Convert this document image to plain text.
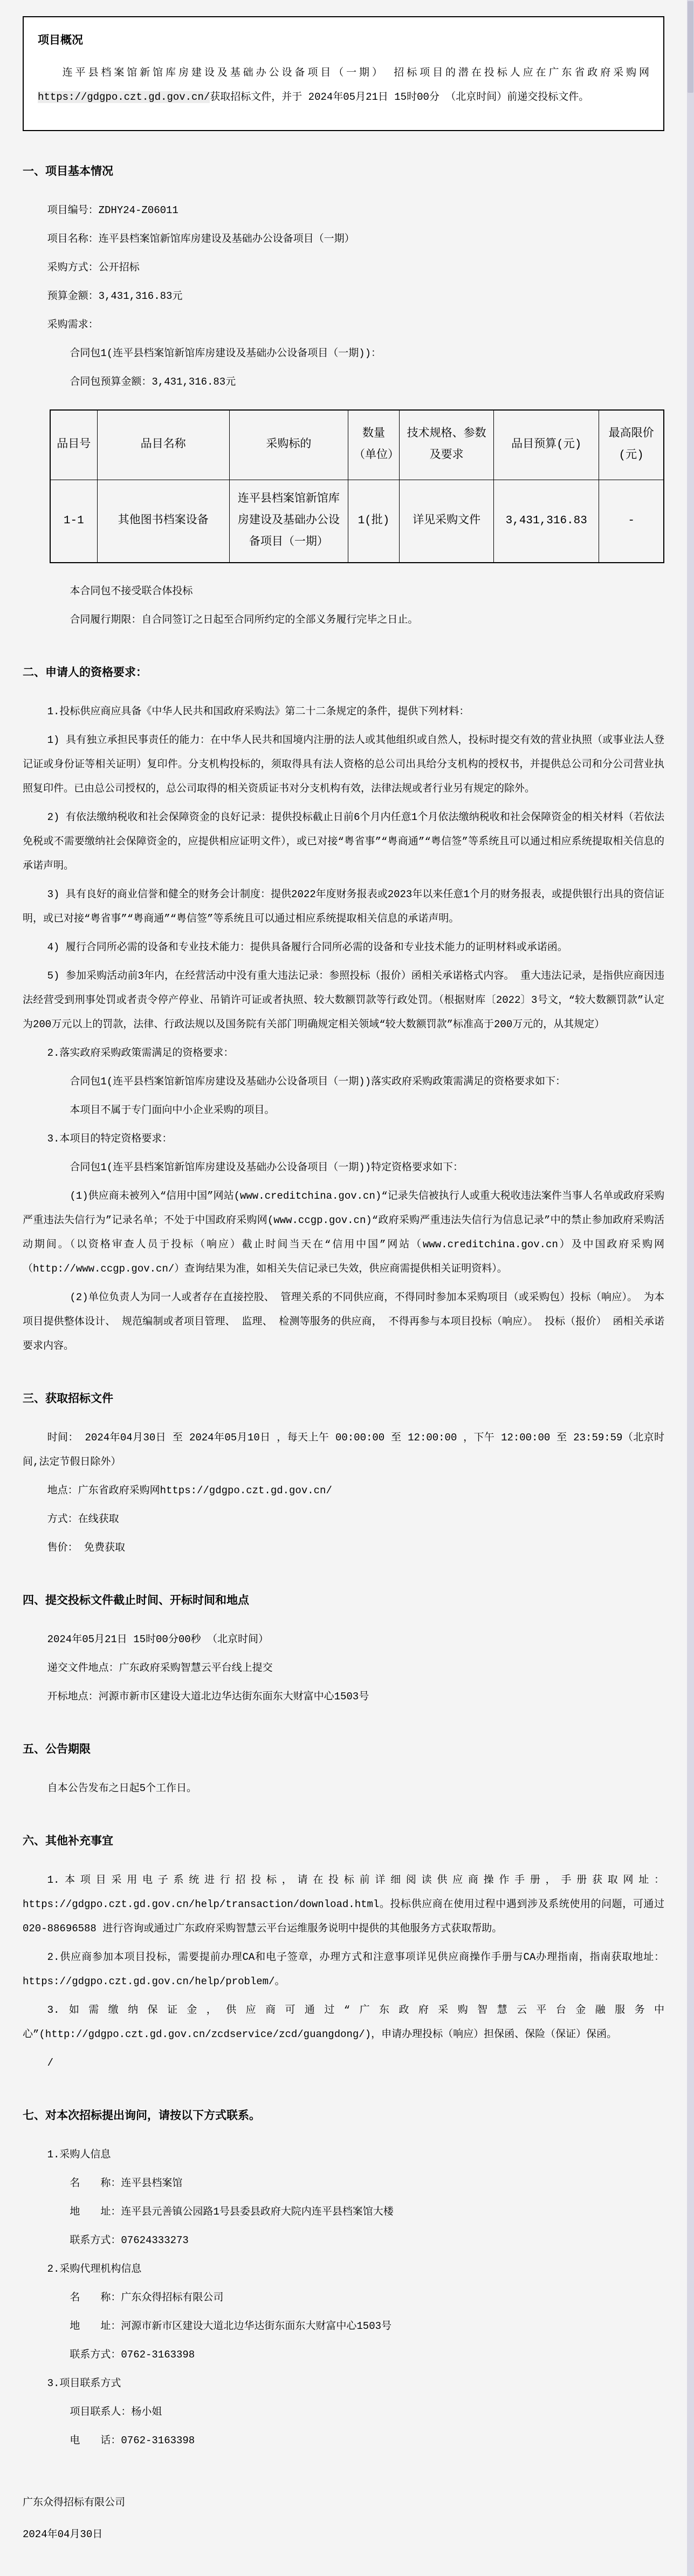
项目概况

连平县档案馆新馆库房建设及基础办公设备项目（一期） 招标项目的潜在投标人应在广东省政府采购网https://gdgpo.czt.gd.gov.cn/获取招标文件，并于 2024年05月21日 15时00分 （北京时间）前递交投标文件。

一、项目基本情况

项目编号：ZDHY24-Z06011

项目名称：连平县档案馆新馆库房建设及基础办公设备项目（一期）

采购方式：公开招标

预算金额：3,431,316.83元

采购需求：

合同包1(连平县档案馆新馆库房建设及基础办公设备项目（一期))：

合同包预算金额：3,431,316.83元

品目号	品目名称	采购标的	数量（单位）	技术规格、参数及要求	品目预算(元)	最高限价(元)
1-1	其他图书档案设备	连平县档案馆新馆库房建设及基础办公设备项目（一期）	1(批)	详见采购文件	3,431,316.83	-

本合同包不接受联合体投标

合同履行期限：自合同签订之日起至合同所约定的全部义务履行完毕之日止。

二、申请人的资格要求：

1.投标供应商应具备《中华人民共和国政府采购法》第二十二条规定的条件，提供下列材料：

1) 具有独立承担民事责任的能力：在中华人民共和国境内注册的法人或其他组织或自然人，投标时提交有效的营业执照（或事业法人登记证或身份证等相关证明）复印件。分支机构投标的，须取得具有法人资格的总公司出具给分支机构的授权书，并提供总公司和分公司营业执照复印件。已由总公司授权的，总公司取得的相关资质证书对分支机构有效，法律法规或者行业另有规定的除外。

2) 有依法缴纳税收和社会保障资金的良好记录：提供投标截止日前6个月内任意1个月依法缴纳税收和社会保障资金的相关材料（若依法免税或不需要缴纳社会保障资金的，应提供相应证明文件），或已对接“粤省事”“粤商通”“粤信签”等系统且可以通过相应系统提取相关信息的承诺声明。

3) 具有良好的商业信誉和健全的财务会计制度：提供2022年度财务报表或2023年以来任意1个月的财务报表，或提供银行出具的资信证明，或已对接“粤省事”“粤商通”“粤信签”等系统且可以通过相应系统提取相关信息的承诺声明。

4) 履行合同所必需的设备和专业技术能力：提供具备履行合同所必需的设备和专业技术能力的证明材料或承诺函。

5) 参加采购活动前3年内，在经营活动中没有重大违法记录：参照投标（报价）函相关承诺格式内容。 重大违法记录，是指供应商因违法经营受到刑事处罚或者责令停产停业、吊销许可证或者执照、较大数额罚款等行政处罚。（根据财库〔2022〕3号文，“较大数额罚款”认定为200万元以上的罚款，法律、行政法规以及国务院有关部门明确规定相关领域“较大数额罚款”标准高于200万元的，从其规定）

2.落实政府采购政策需满足的资格要求：

合同包1(连平县档案馆新馆库房建设及基础办公设备项目（一期))落实政府采购政策需满足的资格要求如下：

本项目不属于专门面向中小企业采购的项目。

3.本项目的特定资格要求：

合同包1(连平县档案馆新馆库房建设及基础办公设备项目（一期))特定资格要求如下：

(1)供应商未被列入“信用中国”网站(www.creditchina.gov.cn)“记录失信被执行人或重大税收违法案件当事人名单或政府采购严重违法失信行为”记录名单；不处于中国政府采购网(www.ccgp.gov.cn)“政府采购严重违法失信行为信息记录”中的禁止参加政府采购活动期间。（以资格审查人员于投标（响应）截止时间当天在“信用中国”网站（www.creditchina.gov.cn）及中国政府采购网（http://www.ccgp.gov.cn/）查询结果为准，如相关失信记录已失效，供应商需提供相关证明资料）。

(2)单位负责人为同一人或者存在直接控股、 管理关系的不同供应商，不得同时参加本采购项目（或采购包）投标（响应）。 为本项目提供整体设计、 规范编制或者项目管理、 监理、 检测等服务的供应商， 不得再参与本项目投标（响应）。 投标（报价） 函相关承诺要求内容。

三、获取招标文件

时间： 2024年04月30日 至 2024年05月10日 ，每天上午 00:00:00 至 12:00:00 ，下午 12:00:00 至 23:59:59（北京时间,法定节假日除外）

地点：广东省政府采购网https://gdgpo.czt.gd.gov.cn/

方式：在线获取

售价： 免费获取

四、提交投标文件截止时间、开标时间和地点

2024年05月21日 15时00分00秒 （北京时间）

递交文件地点：广东政府采购智慧云平台线上提交

开标地点：河源市新市区建设大道北边华达街东面东大财富中心1503号

五、公告期限

自本公告发布之日起5个工作日。

六、其他补充事宜

1.本项目采用电子系统进行招投标，请在投标前详细阅读供应商操作手册，手册获取网址：https://gdgpo.czt.gd.gov.cn/help/transaction/download.html。投标供应商在使用过程中遇到涉及系统使用的问题，可通过020-88696588 进行咨询或通过广东政府采购智慧云平台运维服务说明中提供的其他服务方式获取帮助。

2.供应商参加本项目投标，需要提前办理CA和电子签章，办理方式和注意事项详见供应商操作手册与CA办理指南，指南获取地址：https://gdgpo.czt.gd.gov.cn/help/problem/。

3.如需缴纳保证金，供应商可通过“广东政府采购智慧云平台金融服务中心”(http://gdgpo.czt.gd.gov.cn/zcdservice/zcd/guangdong/)，申请办理投标（响应）担保函、保险（保证）保函。

/

七、对本次招标提出询问，请按以下方式联系。

1.采购人信息

名　　称：连平县档案馆

地　　址：连平县元善镇公园路1号县委县政府大院内连平县档案馆大楼

联系方式：07624333273

2.采购代理机构信息

名　　称：广东众得招标有限公司

地　　址：河源市新市区建设大道北边华达街东面东大财富中心1503号

联系方式：0762-3163398

3.项目联系方式

项目联系人：杨小姐

电　　话：0762-3163398

广东众得招标有限公司

2024年04月30日
